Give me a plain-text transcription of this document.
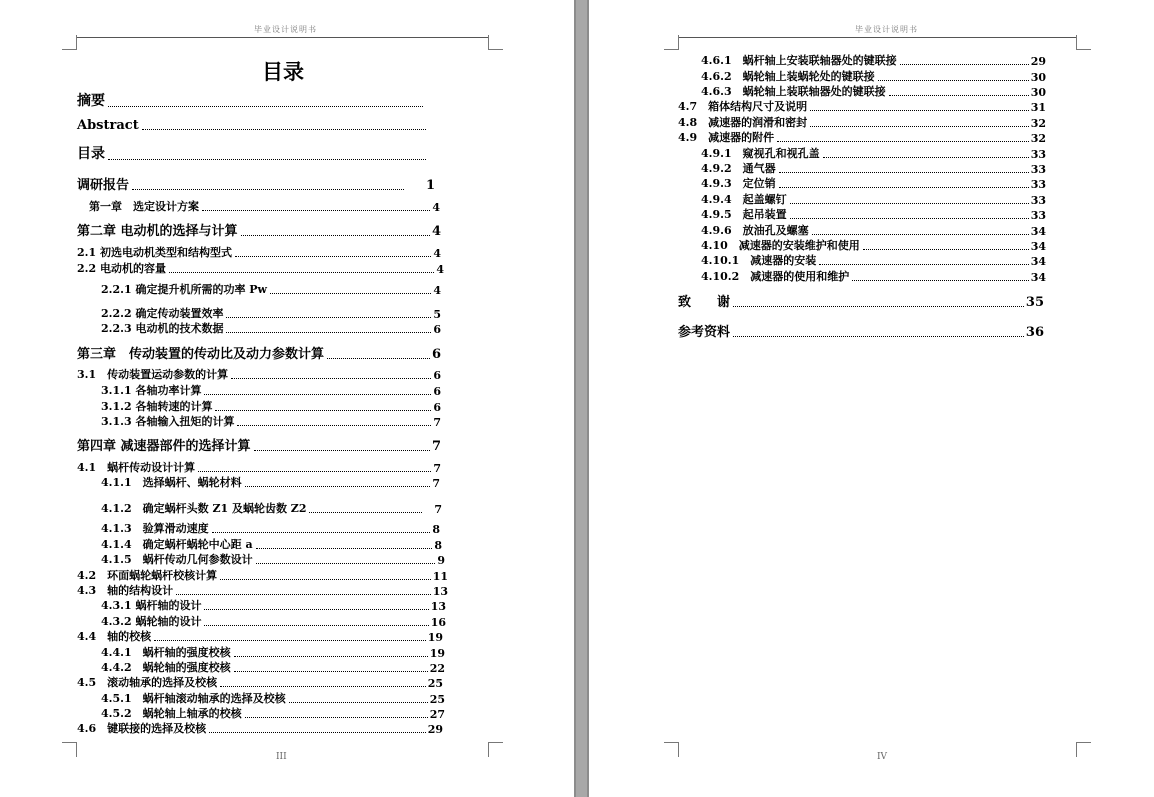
毕业设计说明书
目录
摘要
Abstract
目录
调研报告	1
第一章　选定设计方案	4
第二章 电动机的选择与计算	4
2.1 初选电动机类型和结构型式	4
2.2 电动机的容量	4
2.2.1 确定提升机所需的功率 Pw	4
2.2.2 确定传动装置效率	5
2.2.3 电动机的技术数据	6
第三章　传动装置的传动比及动力参数计算	6
3.1　传动装置运动参数的计算	6
3.1.1 各轴功率计算	6
3.1.2 各轴转速的计算	6
3.1.3 各轴输入扭矩的计算	7
第四章 减速器部件的选择计算	7
4.1　蜗杆传动设计计算	7
4.1.1　选择蜗杆、蜗轮材料	7
4.1.2　确定蜗杆头数 Z1 及蜗轮齿数 Z2	7
4.1.3　验算滑动速度	8
4.1.4　确定蜗杆蜗轮中心距 a	8
4.1.5　蜗杆传动几何参数设计	9
4.2　环面蜗轮蜗杆校核计算	11
4.3　轴的结构设计	13
4.3.1 蜗杆轴的设计	13
4.3.2 蜗轮轴的设计	16
4.4　轴的校核	19
4.4.1　蜗杆轴的强度校核	19
4.4.2　蜗轮轴的强度校核	22
4.5　滚动轴承的选择及校核	25
4.5.1　蜗杆轴滚动轴承的选择及校核	25
4.5.2　蜗轮轴上轴承的校核	27
4.6　键联接的选择及校核	29
III
毕业设计说明书
4.6.1　蜗杆轴上安装联轴器处的键联接	29
4.6.2　蜗轮轴上装蜗轮处的键联接	30
4.6.3　蜗轮轴上装联轴器处的键联接	30
4.7　箱体结构尺寸及说明	31
4.8　减速器的润滑和密封	32
4.9　减速器的附件	32
4.9.1　窥视孔和视孔盖	33
4.9.2　通气器	33
4.9.3　定位销	33
4.9.4　起盖螺钉	33
4.9.5　起吊装置	33
4.9.6　放油孔及螺塞	34
4.10　减速器的安装维护和使用	34
4.10.1　减速器的安装	34
4.10.2　减速器的使用和维护	34
致　　谢	35
参考资料	36
IV
